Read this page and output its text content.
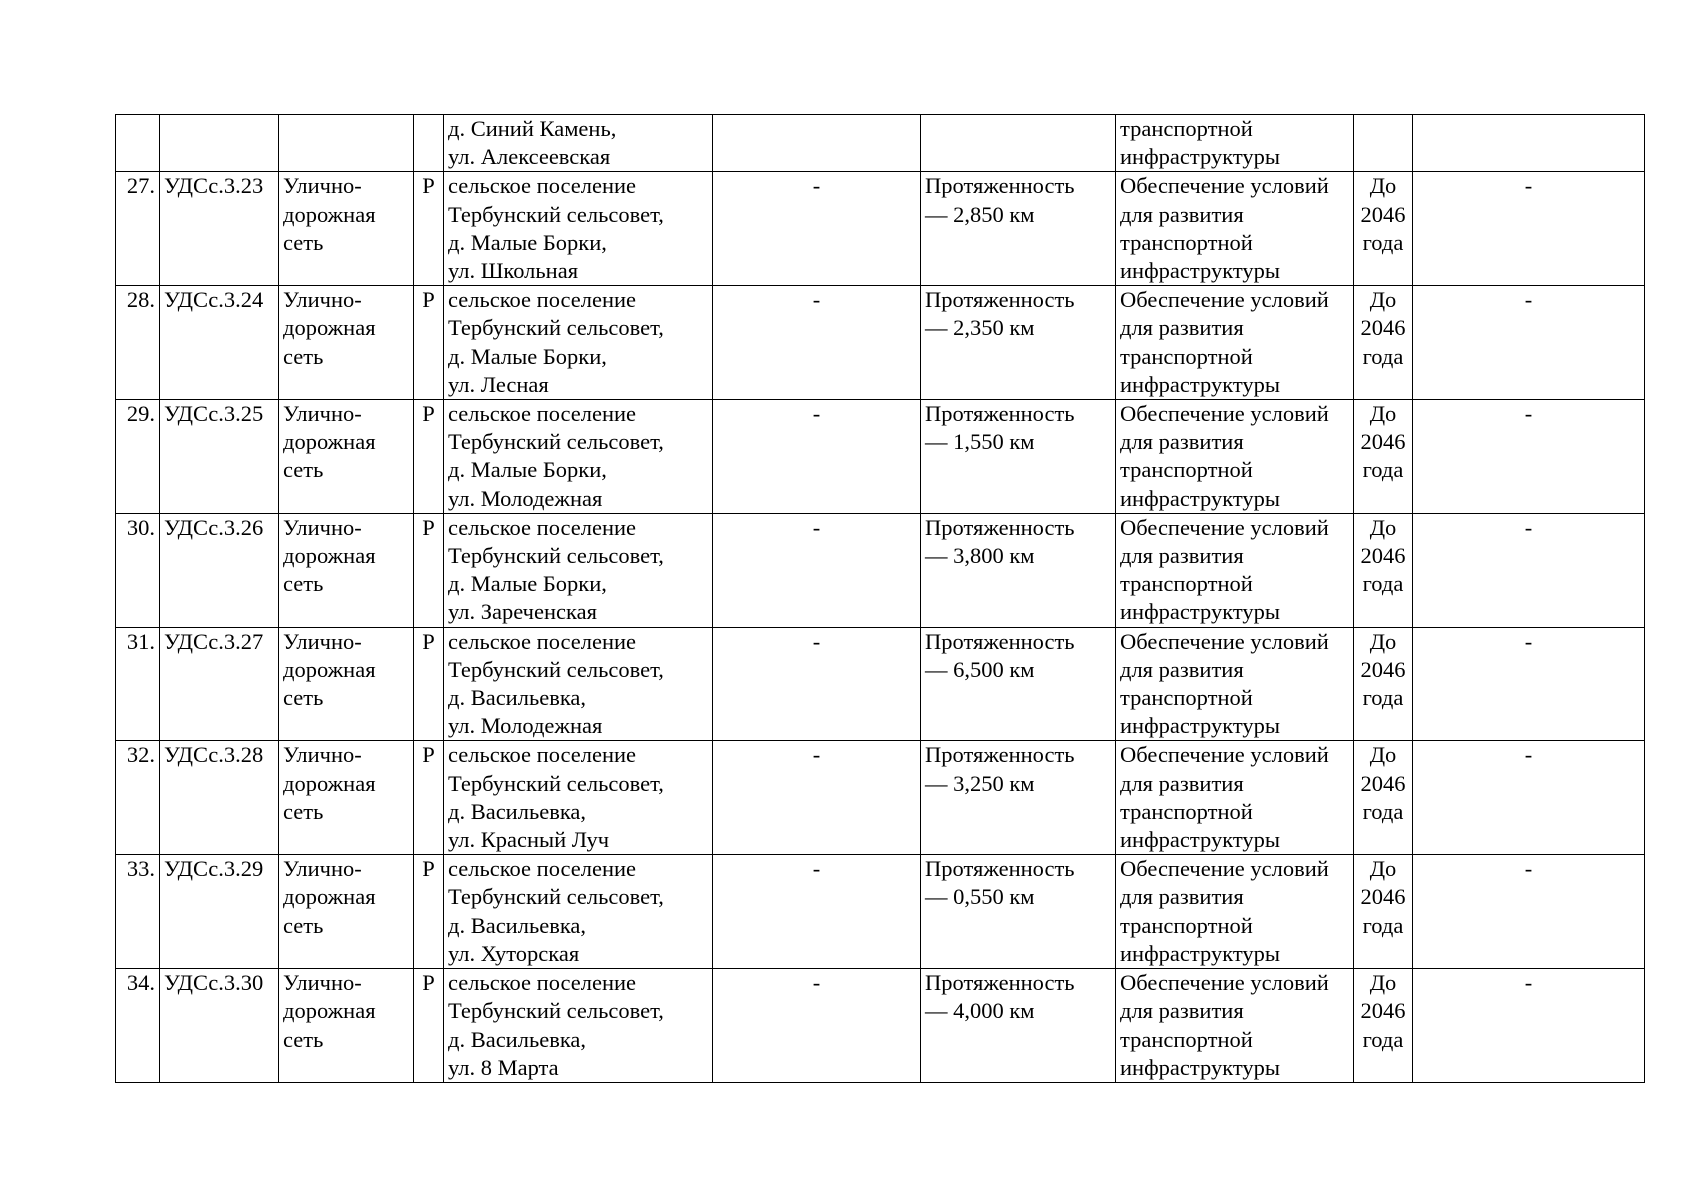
				д. Синий Камень,
ул. Алексеевская			транспортной
инфраструктуры		

27.	УДСс.3.23	Улично-
дорожная
сеть	Р	сельское поселение
Тербунский сельсовет,
д. Малые Борки,
ул. Школьная	-	Протяженность
— 2,850 км	Обеспечение условий
для развития
транспортной
инфраструктуры	До
2046
года	-
28.	УДСс.3.24	Улично-
дорожная
сеть	Р	сельское поселение
Тербунский сельсовет,
д. Малые Борки,
ул. Лесная	-	Протяженность
— 2,350 км	Обеспечение условий
для развития
транспортной
инфраструктуры	До
2046
года	-
29.	УДСс.3.25	Улично-
дорожная
сеть	Р	сельское поселение
Тербунский сельсовет,
д. Малые Борки,
ул. Молодежная	-	Протяженность
— 1,550 км	Обеспечение условий
для развития
транспортной
инфраструктуры	До
2046
года	-
30.	УДСс.3.26	Улично-
дорожная
сеть	Р	сельское поселение
Тербунский сельсовет,
д. Малые Борки,
ул. Зареченская	-	Протяженность
— 3,800 км	Обеспечение условий
для развития
транспортной
инфраструктуры	До
2046
года	-
31.	УДСс.3.27	Улично-
дорожная
сеть	Р	сельское поселение
Тербунский сельсовет,
д. Васильевка,
ул. Молодежная	-	Протяженность
— 6,500 км	Обеспечение условий
для развития
транспортной
инфраструктуры	До
2046
года	-
32.	УДСс.3.28	Улично-
дорожная
сеть	Р	сельское поселение
Тербунский сельсовет,
д. Васильевка,
ул. Красный Луч	-	Протяженность
— 3,250 км	Обеспечение условий
для развития
транспортной
инфраструктуры	До
2046
года	-
33.	УДСс.3.29	Улично-
дорожная
сеть	Р	сельское поселение
Тербунский сельсовет,
д. Васильевка,
ул. Хуторская	-	Протяженность
— 0,550 км	Обеспечение условий
для развития
транспортной
инфраструктуры	До
2046
года	-
34.	УДСс.3.30	Улично-
дорожная
сеть	Р	сельское поселение
Тербунский сельсовет,
д. Васильевка,
ул. 8 Марта	-	Протяженность
— 4,000 км	Обеспечение условий
для развития
транспортной
инфраструктуры	До
2046
года	-
